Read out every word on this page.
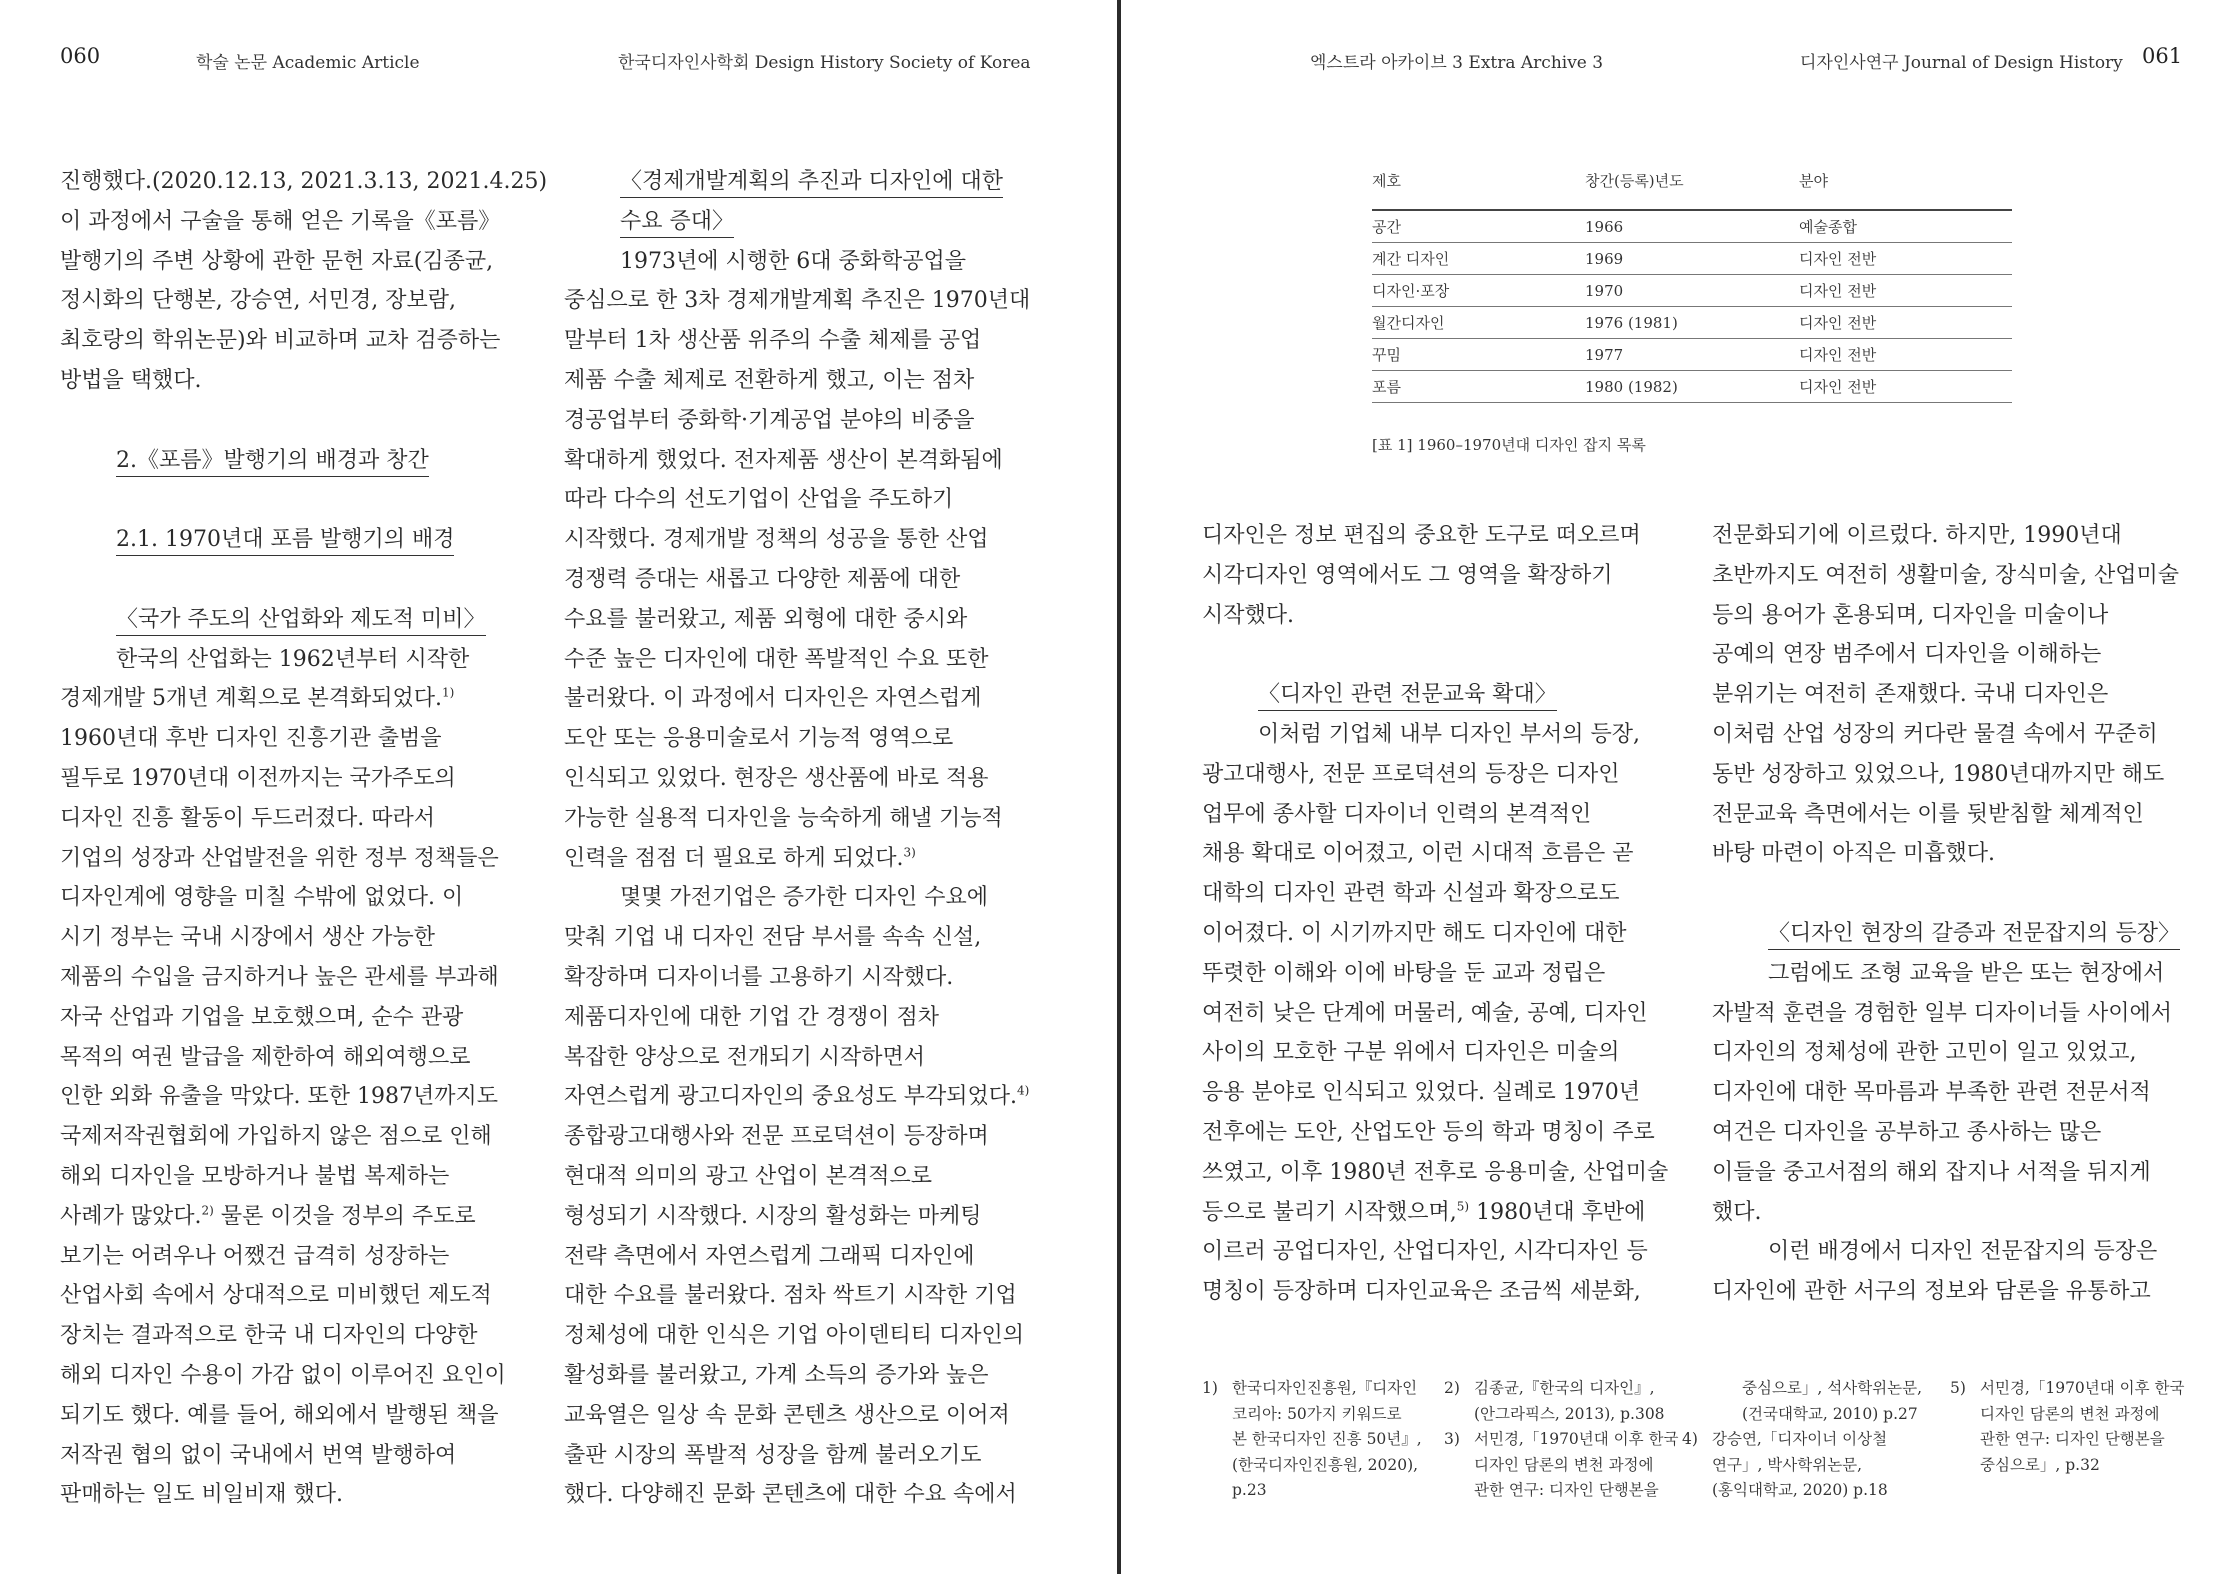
060	학술 논문 Academic Article	한국디자인사학회 Design History Society of Korea	엑스트라 아카이브 3 Extra Archive 3	디자인사연구 Journal of Design History 061

진행했다.(2020.12.13, 2021.3.13, 2021.4.25)

이 과정에서 구술을 통해 얻은 기록을《포름》

발행기의 주변 상황에 관한 문헌 자료(김종균,

정시화의 단행본, 강승연, 서민경, 장보람,

최호랑의 학위논문)와 비교하며 교차 검증하는

방법을 택했다.

2.《포름》발행기의 배경과 창간

2.1. 1970년대 포름 발행기의 배경

〈국가 주도의 산업화와 제도적 미비〉

한국의 산업화는 1962년부터 시작한

경제개발 5개년 계획으로 본격화되었다.$^{1)}$

1960년대 후반 디자인 진흥기관 출범을

필두로 1970년대 이전까지는 국가주도의

디자인 진흥 활동이 두드러졌다. 따라서

기업의 성장과 산업발전을 위한 정부 정책들은

디자인계에 영향을 미칠 수밖에 없었다. 이

시기 정부는 국내 시장에서 생산 가능한

제품의 수입을 금지하거나 높은 관세를 부과해

자국 산업과 기업을 보호했으며, 순수 관광

목적의 여권 발급을 제한하여 해외여행으로

인한 외화 유출을 막았다. 또한 1987년까지도

국제저작권협회에 가입하지 않은 점으로 인해

해외 디자인을 모방하거나 불법 복제하는

사례가 많았다.$^{2)}$ 물론 이것을 정부의 주도로

보기는 어려우나 어쨌건 급격히 성장하는

산업사회 속에서 상대적으로 미비했던 제도적

장치는 결과적으로 한국 내 디자인의 다양한

해외 디자인 수용이 가감 없이 이루어진 요인이

되기도 했다. 예를 들어, 해외에서 발행된 책을

저작권 협의 없이 국내에서 번역 발행하여

판매하는 일도 비일비재 했다.

〈경제개발계획의 추진과 디자인에 대한

수요 증대〉

1973년에 시행한 6대 중화학공업을

중심으로 한 3차 경제개발계획 추진은 1970년대

말부터 1차 생산품 위주의 수출 체제를 공업

제품 수출 체제로 전환하게 했고, 이는 점차

경공업부터 중화학·기계공업 분야의 비중을

확대하게 했었다. 전자제품 생산이 본격화됨에

따라 다수의 선도기업이 산업을 주도하기

시작했다. 경제개발 정책의 성공을 통한 산업

경쟁력 증대는 새롭고 다양한 제품에 대한

수요를 불러왔고, 제품 외형에 대한 중시와

수준 높은 디자인에 대한 폭발적인 수요 또한

불러왔다. 이 과정에서 디자인은 자연스럽게

도안 또는 응용미술로서 기능적 영역으로

인식되고 있었다. 현장은 생산품에 바로 적용

가능한 실용적 디자인을 능숙하게 해낼 기능적

인력을 점점 더 필요로 하게 되었다.$^{3)}$

몇몇 가전기업은 증가한 디자인 수요에

맞춰 기업 내 디자인 전담 부서를 속속 신설,

확장하며 디자이너를 고용하기 시작했다.

제품디자인에 대한 기업 간 경쟁이 점차

복잡한 양상으로 전개되기 시작하면서

자연스럽게 광고디자인의 중요성도 부각되었다.$^{4)}$

종합광고대행사와 전문 프로덕션이 등장하며

현대적 의미의 광고 산업이 본격적으로

형성되기 시작했다. 시장의 활성화는 마케팅

전략 측면에서 자연스럽게 그래픽 디자인에

대한 수요를 불러왔다. 점차 싹트기 시작한 기업

정체성에 대한 인식은 기업 아이덴티티 디자인의

활성화를 불러왔고, 가계 소득의 증가와 높은

교육열은 일상 속 문화 콘텐츠 생산으로 이어져

출판 시장의 폭발적 성장을 함께 불러오기도

했다. 다양해진 문화 콘텐츠에 대한 수요 속에서

제호	창간(등록)년도	분야
공간	1966	예술종합
계간 디자인	1969	디자인 전반
디자인·포장	1970	디자인 전반
월간디자인	1976 (1981)	디자인 전반
꾸밈	1977	디자인 전반
포름	1980 (1982)	디자인 전반
[표 1] 1960–1970년대 디자인 잡지 목록

디자인은 정보 편집의 중요한 도구로 떠오르며

시각디자인 영역에서도 그 영역을 확장하기

시작했다.

〈디자인 관련 전문교육 확대〉

이처럼 기업체 내부 디자인 부서의 등장,

광고대행사, 전문 프로덕션의 등장은 디자인

업무에 종사할 디자이너 인력의 본격적인

채용 확대로 이어졌고, 이런 시대적 흐름은 곧

대학의 디자인 관련 학과 신설과 확장으로도

이어졌다. 이 시기까지만 해도 디자인에 대한

뚜렷한 이해와 이에 바탕을 둔 교과 정립은

여전히 낮은 단계에 머물러, 예술, 공예, 디자인

사이의 모호한 구분 위에서 디자인은 미술의

응용 분야로 인식되고 있었다. 실례로 1970년

전후에는 도안, 산업도안 등의 학과 명칭이 주로

쓰였고, 이후 1980년 전후로 응용미술, 산업미술

등으로 불리기 시작했으며,$^{5)}$ 1980년대 후반에

이르러 공업디자인, 산업디자인, 시각디자인 등

명칭이 등장하며 디자인교육은 조금씩 세분화,

전문화되기에 이르렀다. 하지만, 1990년대

초반까지도 여전히 생활미술, 장식미술, 산업미술

등의 용어가 혼용되며, 디자인을 미술이나

공예의 연장 범주에서 디자인을 이해하는

분위기는 여전히 존재했다. 국내 디자인은

이처럼 산업 성장의 커다란 물결 속에서 꾸준히

동반 성장하고 있었으나, 1980년대까지만 해도

전문교육 측면에서는 이를 뒷받침할 체계적인

바탕 마련이 아직은 미흡했다.

〈디자인 현장의 갈증과 전문잡지의 등장〉

그럼에도 조형 교육을 받은 또는 현장에서

자발적 훈련을 경험한 일부 디자이너들 사이에서

디자인의 정체성에 관한 고민이 일고 있었고,

디자인에 대한 목마름과 부족한 관련 전문서적

여건은 디자인을 공부하고 종사하는 많은

이들을 중고서점의 해외 잡지나 서적을 뒤지게

했다.

이런 배경에서 디자인 전문잡지의 등장은

디자인에 관한 서구의 정보와 담론을 유통하고

1) 한국디자인진흥원,『디자인
코리아: 50가지 키워드로
본 한국디자인 진흥 50년』,
(한국디자인진흥원, 2020),
p.23
2) 김종균,『한국의 디자인』,
(안그라픽스, 2013), p.308
3) 서민경,「1970년대 이후 한국
디자인 담론의 변천 과정에
관한 연구: 디자인 단행본을
중심으로」, 석사학위논문,
(건국대학교, 2010) p.27
4) 강승연,「디자이너 이상철
연구」, 박사학위논문,
(홍익대학교, 2020) p.18
5) 서민경,「1970년대 이후 한국
디자인 담론의 변천 과정에
관한 연구: 디자인 단행본을
중심으로」, p.32
